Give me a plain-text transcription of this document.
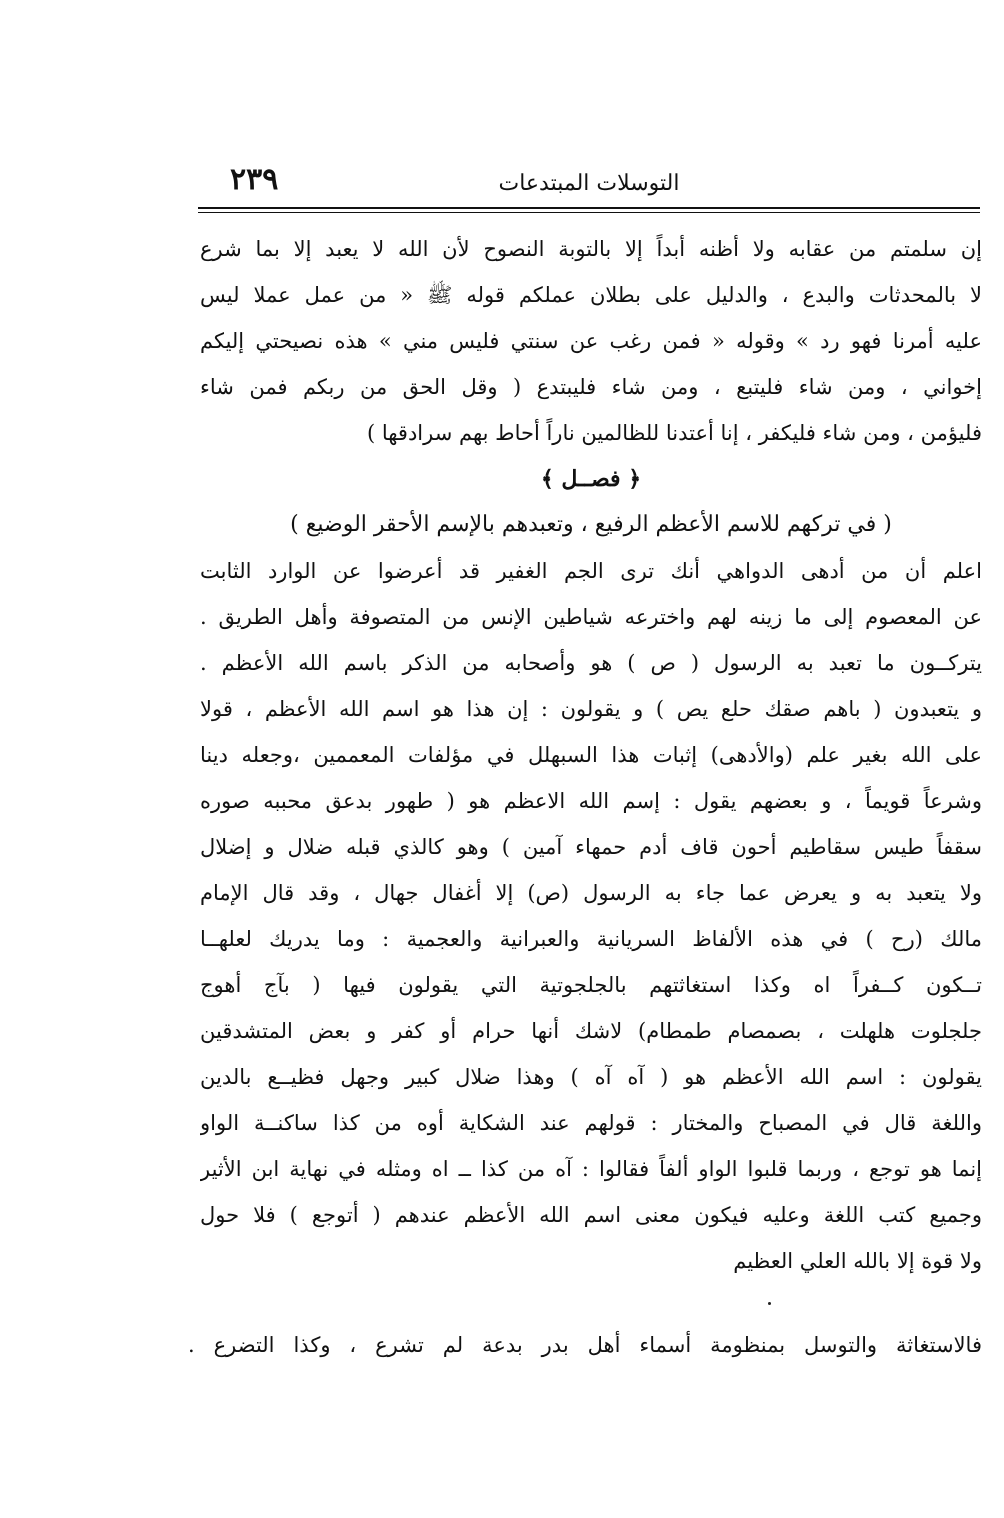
٢٣٩	التوسلات المبتدعات
إن سلمتم من عقابه ولا أظنه أبداً إلا بالتوبة النصوح لأن الله لا يعبد إلا بما شرع
لا بالمحدثات والبدع ، والدليل على بطلان عملكم قوله ﷺ « من عمل عملا ليس
عليه أمرنا فهو رد » وقوله « فمن رغب عن سنتي فليس مني » هذه نصيحتي إليكم
إخواني ، ومن شاء فليتبع ، ومن شاء فليبتدع ( وقل الحق من ربكم فمن شاء
فليؤمن ، ومن شاء فليكفر ، إنا أعتدنا للظالمين ناراً أحاط بهم سرادقها )
﴿ فصــل ﴾
( في تركهم للاسم الأعظم الرفيع ، وتعبدهم بالإسم الأحقر الوضيع )
اعلم أن من أدهى الدواهي أنك ترى الجم الغفير قد أعرضوا عن الوارد الثابت
عن المعصوم إلى ما زينه لهم واخترعه شياطين الإنس من المتصوفة وأهل الطريق .
يتركــون ما تعبد به الرسول ( ص ) هو وأصحابه من الذكر باسم الله الأعظم .
و يتعبدون ( باهم صقك حلع يص ) و يقولون : إن هذا هو اسم الله الأعظم ، قولا
على الله بغير علم (والأدهى) إثبات هذا السبهلل في مؤلفات المعممين ،وجعله دينا
وشرعاً قويماً ، و بعضهم يقول : إسم الله الاعظم هو ( طهور بدعق محببه صوره
سقفاً طيس سقاطيم أحون قاف أدم حمهاء آمين ) وهو كالذي قبله ضلال و إضلال
ولا يتعبد به و يعرض عما جاء به الرسول (ص) إلا أغفال جهال ، وقد قال الإمام
مالك (رح ) في هذه الألفاظ السريانية والعبرانية والعجمية : وما يدريك لعلهــا
تــكون كــفراً اه وكذا استغاثتهم بالجلجوتية التي يقولون فيها ( بآج أهوج
جلجلوت هلهلت ، بصمصام طمطام) لاشك أنها حرام أو كفر و بعض المتشدقين
يقولون : اسم الله الأعظم هو ( آه آه ) وهذا ضلال كبير وجهل فظيــع بالدين
واللغة قال في المصباح والمختار : قولهم عند الشكاية أوه من كذا ساكنــة الواو
إنما هو توجع ، وربما قلبوا الواو ألفاً فقالوا : آه من كذا ــ اه ومثله في نهاية ابن الأثير
وجميع كتب اللغة وعليه فيكون معنى اسم الله الأعظم عندهم ( أتوجع ) فلا حول
ولا قوة إلا بالله العلي العظيم
فالاستغاثة والتوسل بمنظومة أسماء أهل بدر بدعة لم تشرع ، وكذا التضرع .
